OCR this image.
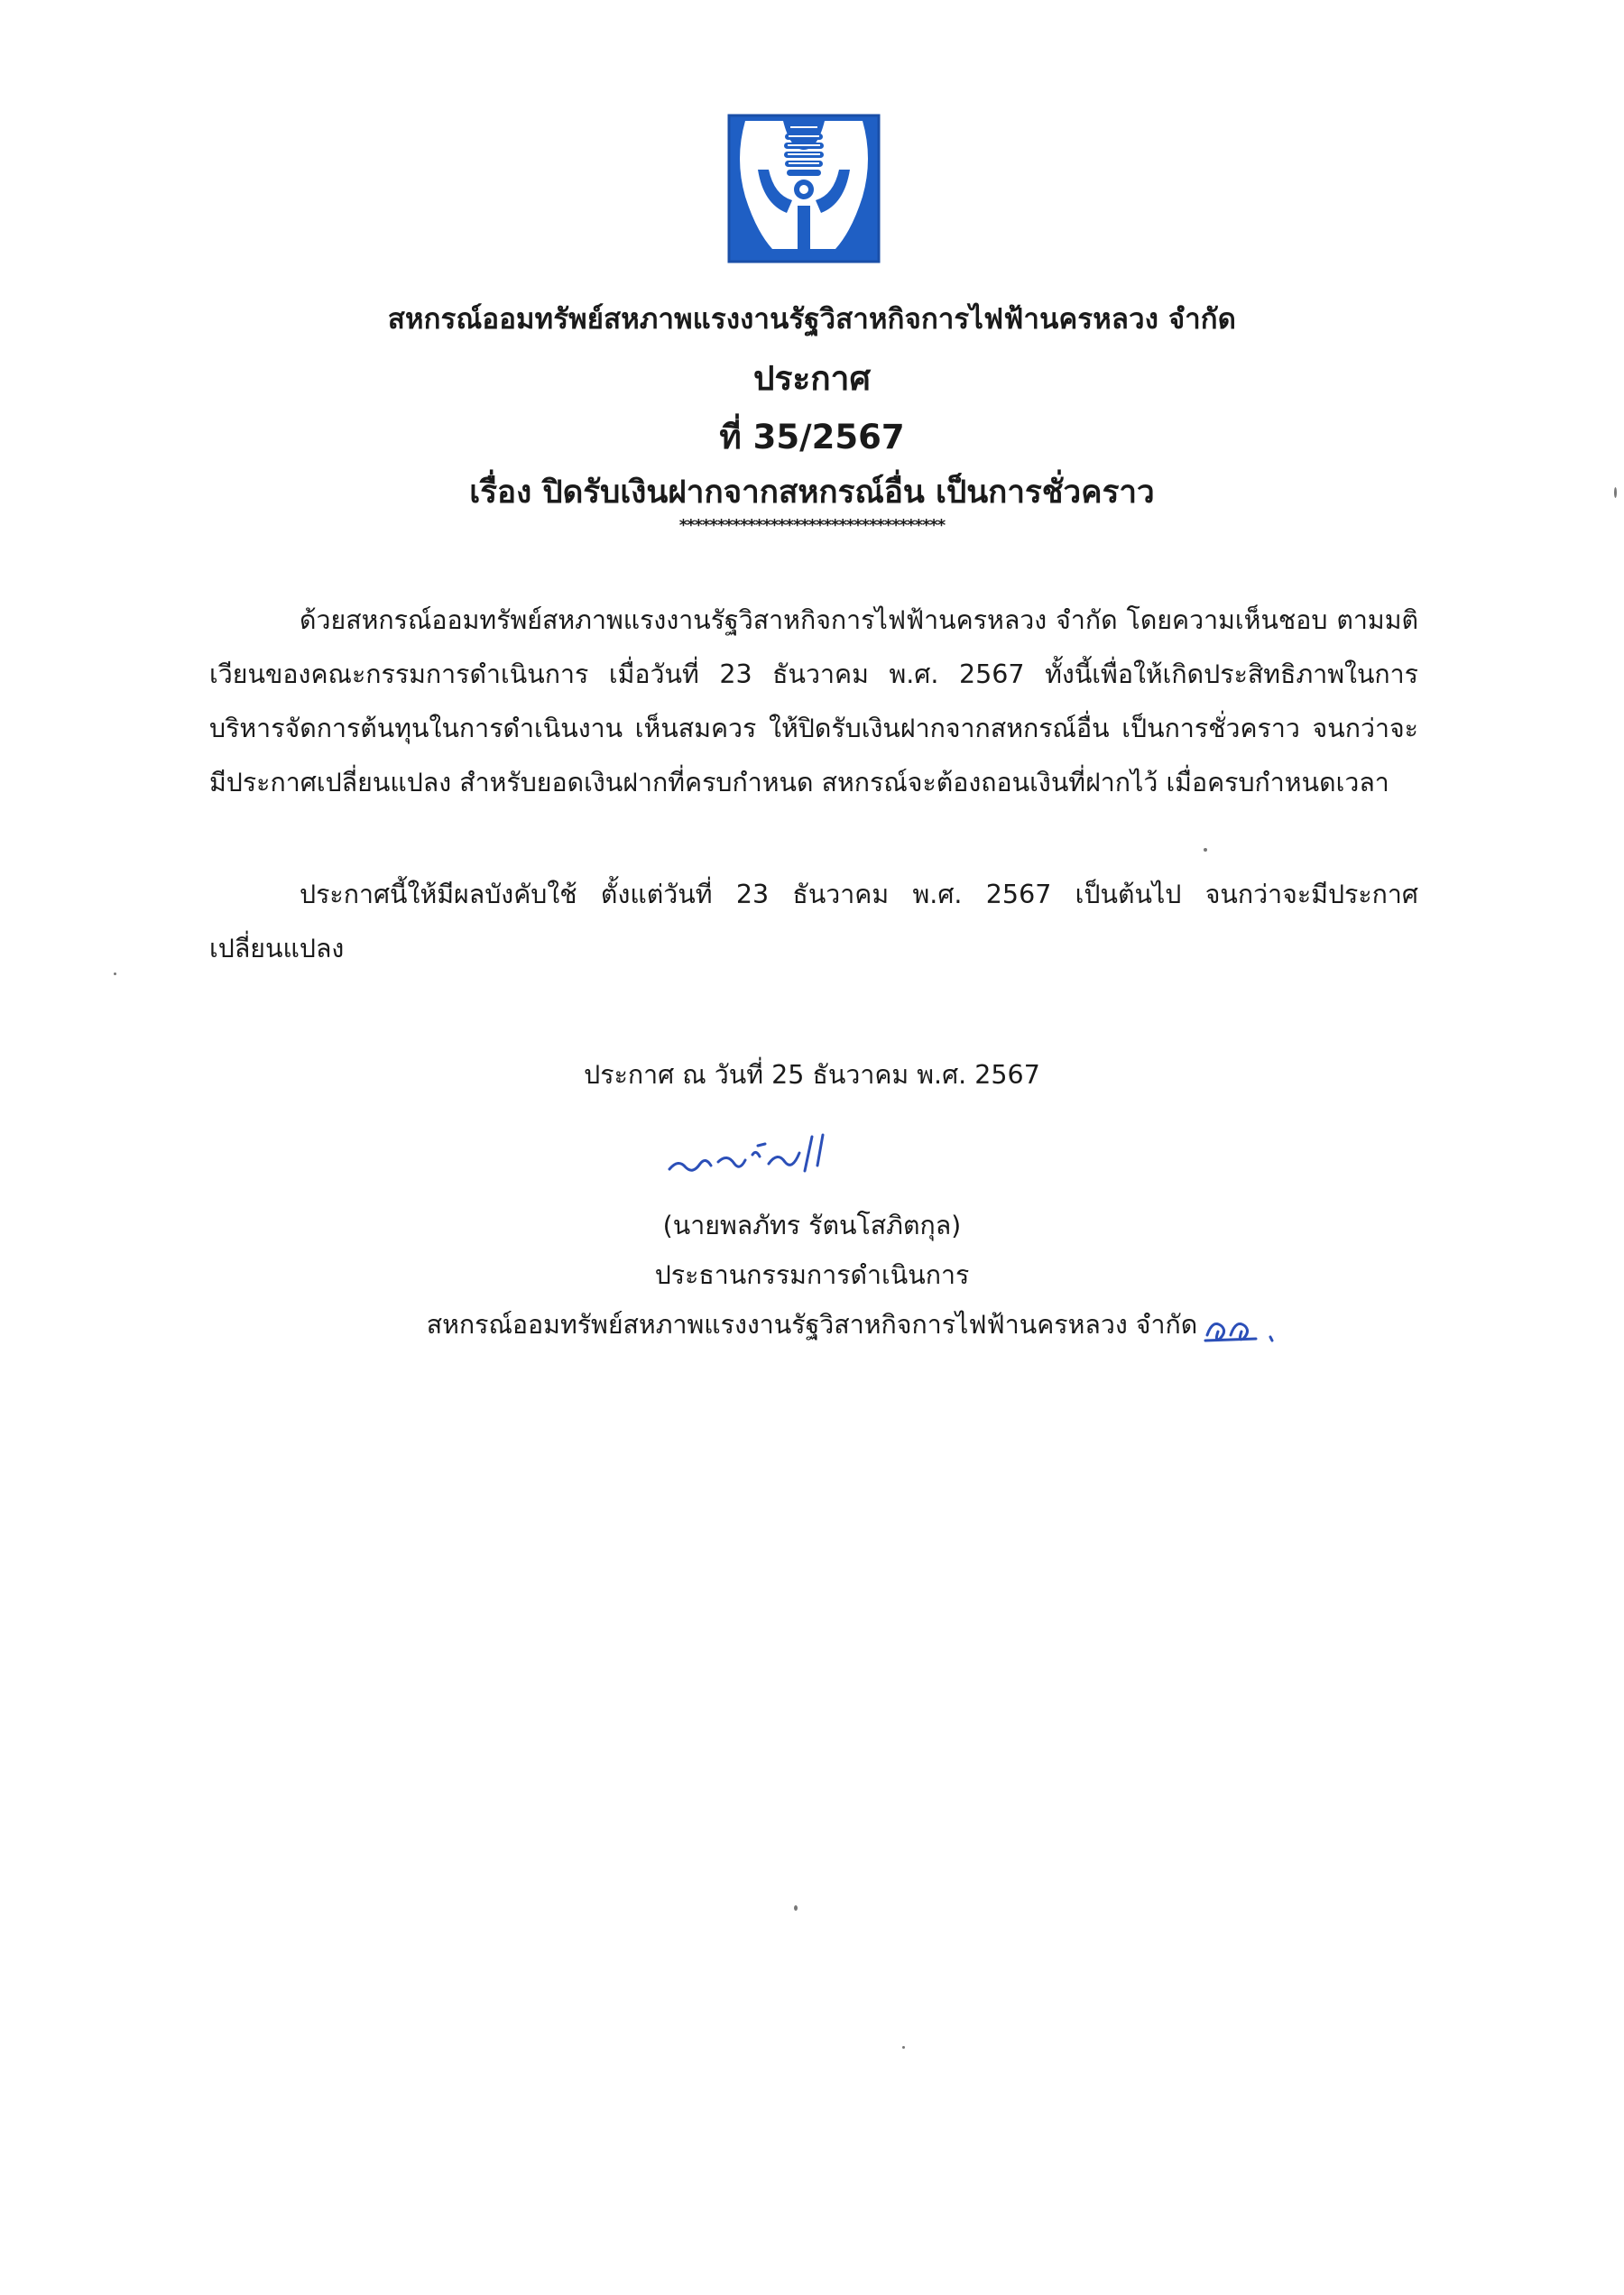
สหกรณ์ออมทรัพย์สหภาพแรงงานรัฐวิสาหกิจการไฟฟ้านครหลวง จำกัด
ประกาศ
ที่ 35/2567
เรื่อง ปิดรับเงินฝากจากสหกรณ์อื่น เป็นการชั่วคราว
***********************************
ด้วยสหกรณ์ออมทรัพย์สหภาพแรงงานรัฐวิสาหกิจการไฟฟ้านครหลวง จำกัด โดยความเห็นชอบ ตามมติเวียนของคณะกรรมการดำเนินการ เมื่อวันที่ 23 ธันวาคม พ.ศ. 2567 ทั้งนี้เพื่อให้เกิดประสิทธิภาพในการบริหารจัดการต้นทุนในการดำเนินงาน เห็นสมควร ให้ปิดรับเงินฝากจากสหกรณ์อื่น เป็นการชั่วคราว จนกว่าจะมีประกาศเปลี่ยนแปลง สำหรับยอดเงินฝากที่ครบกำหนด สหกรณ์จะต้องถอนเงินที่ฝากไว้ เมื่อครบกำหนดเวลา
ประกาศนี้ให้มีผลบังคับใช้ ตั้งแต่วันที่ 23 ธันวาคม พ.ศ. 2567 เป็นต้นไป จนกว่าจะมีประกาศเปลี่ยนแปลง
ประกาศ ณ วันที่ 25 ธันวาคม พ.ศ. 2567
(นายพลภัทร รัตนโสภิตกุล)
ประธานกรรมการดำเนินการ
สหกรณ์ออมทรัพย์สหภาพแรงงานรัฐวิสาหกิจการไฟฟ้านครหลวง จำกัด
